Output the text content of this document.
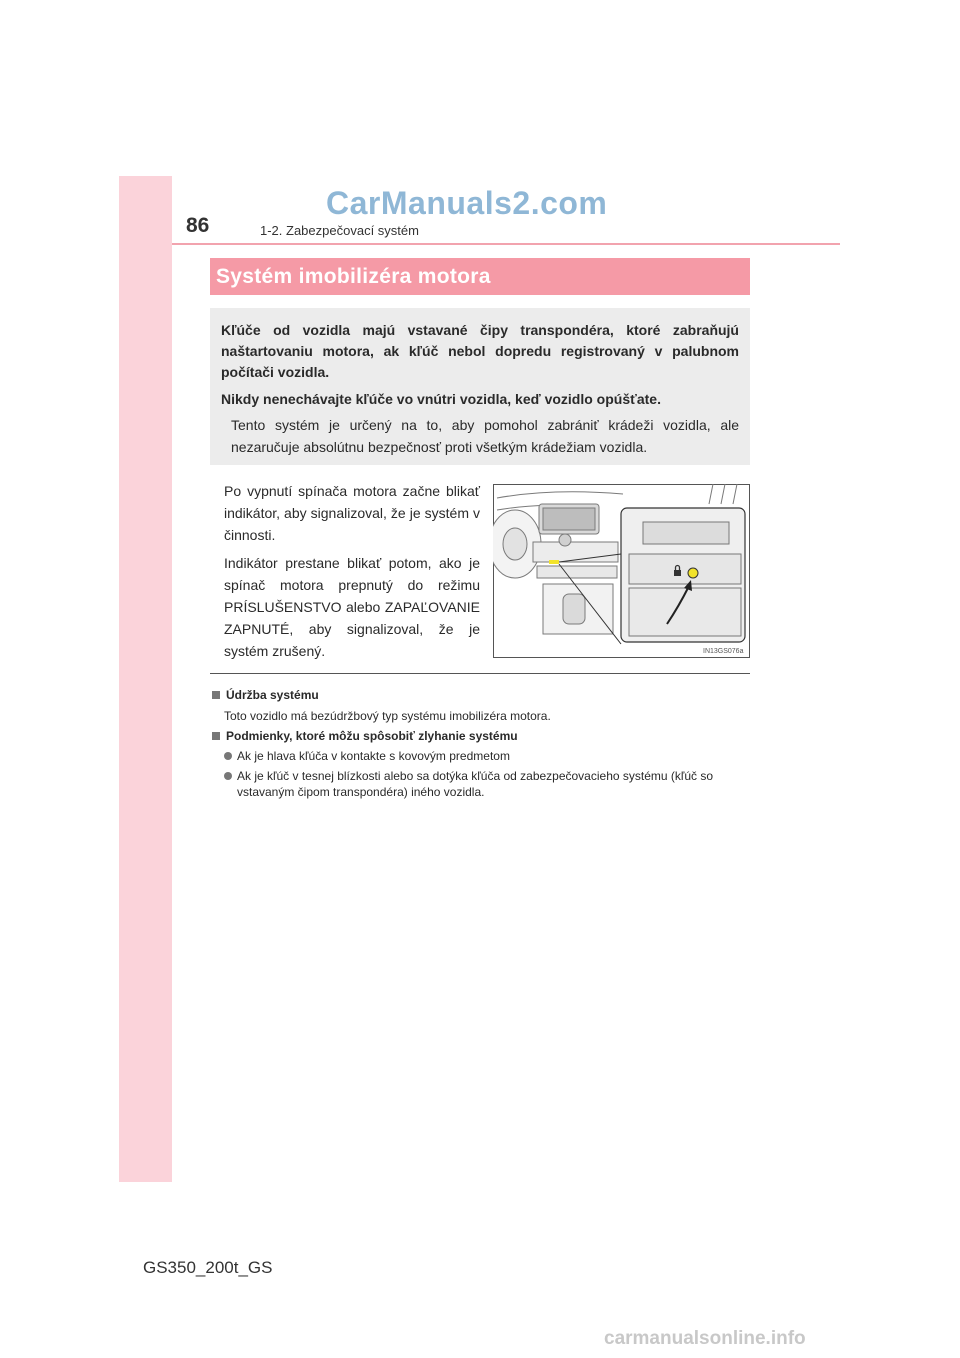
CarManuals2.com
86	1-2. Zabezpečovací systém
Systém imobilizéra motora

Kľúče od vozidla majú vstavané čipy transpondéra, ktoré zabraňujú naštartovaniu motora, ak kľúč nebol dopredu registrovaný v palubnom počítači vozidla.

Nikdy nenechávajte kľúče vo vnútri vozidla, keď vozidlo opúšťate.

Tento systém je určený na to, aby pomohol zabrániť krádeži vozidla, ale nezaručuje absolútnu bezpečnosť proti všetkým krádežiam vozidla.

Po vypnutí spínača motora začne blikať indikátor, aby signalizoval, že je systém v činnosti.

Indikátor prestane blikať potom, ako je spínač motora prepnutý do režimu PRÍSLUŠENSTVO alebo ZAPAĽOVANIE ZAPNUTÉ, aby signalizoval, že je systém zrušený.	IN13GS076a
Údržba systému
Toto vozidlo má bezúdržbový typ systému imobilizéra motora.
Podmienky, ktoré môžu spôsobiť zlyhanie systému
Ak je hlava kľúča v kontakte s kovovým predmetom
Ak je kľúč v tesnej blízkosti alebo sa dotýka kľúča od zabezpečovacieho systému (kľúč so vstavaným čipom transpondéra) iného vozidla.
GS350_200t_GS
carmanualsonline.info
